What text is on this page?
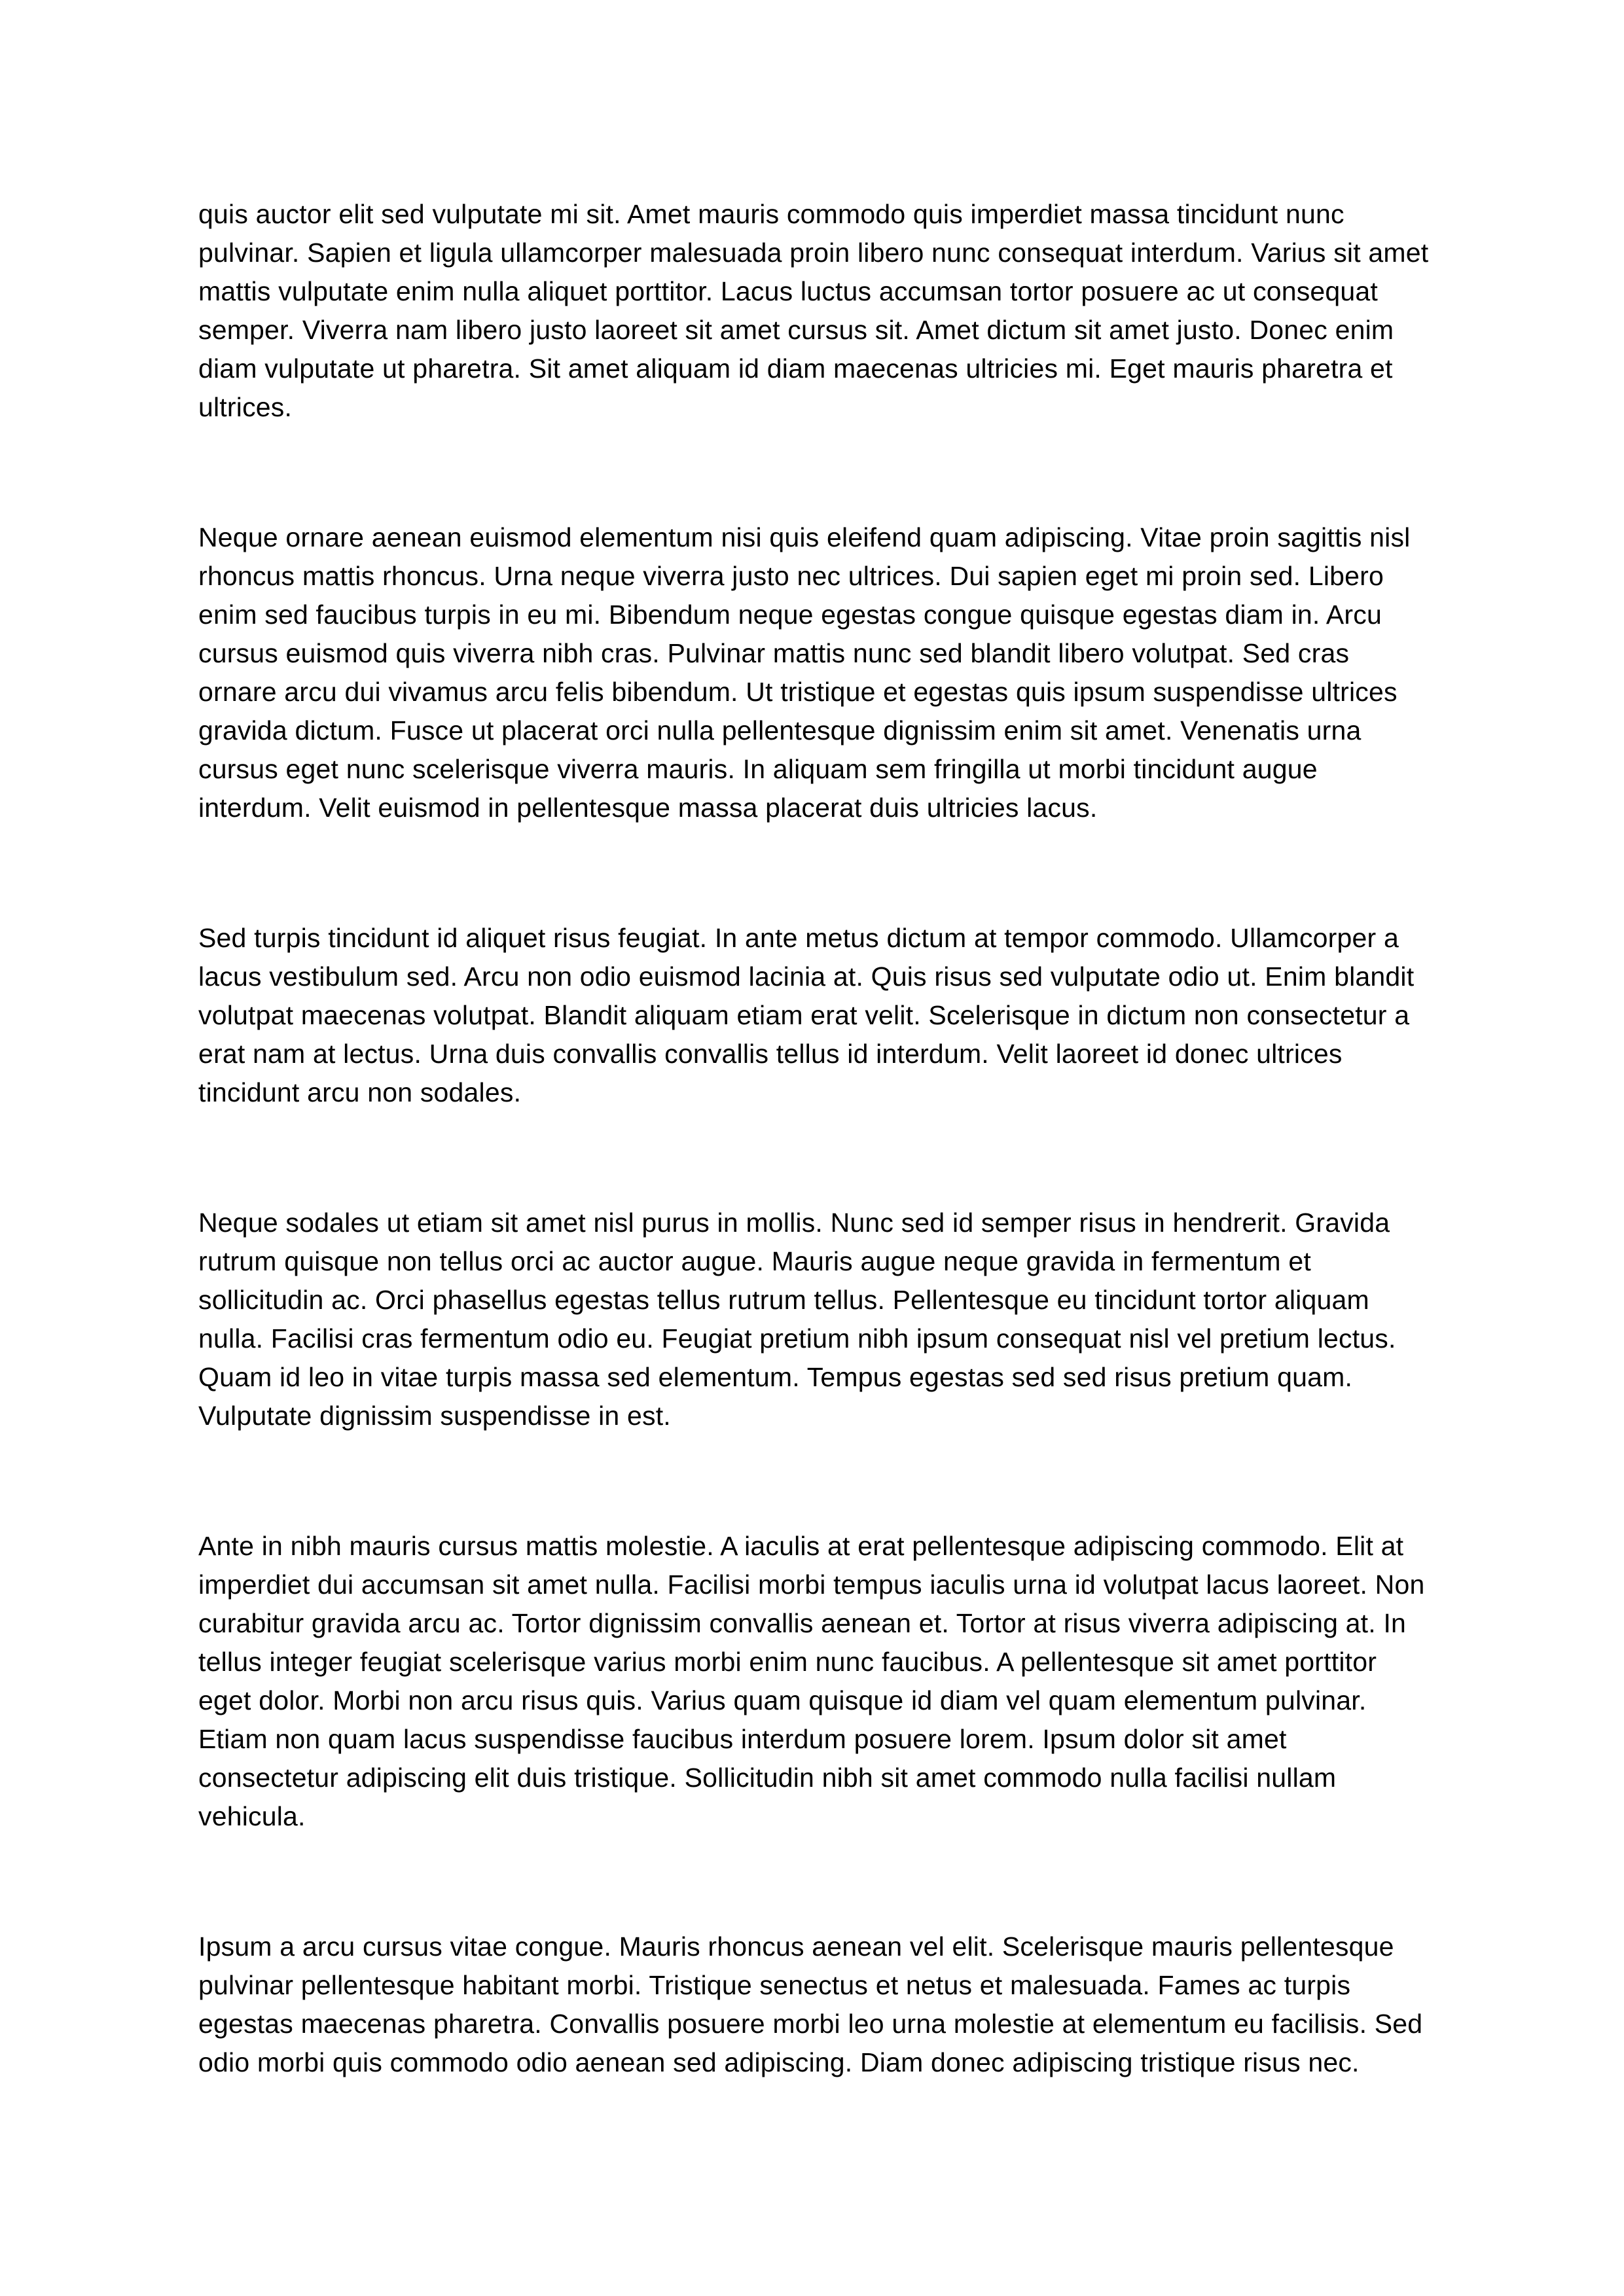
quis auctor elit sed vulputate mi sit. Amet mauris commodo quis imperdiet massa tincidunt nunc pulvinar. Sapien et ligula ullamcorper malesuada proin libero nunc consequat interdum. Varius sit amet mattis vulputate enim nulla aliquet porttitor. Lacus luctus accumsan tortor posuere ac ut consequat semper. Viverra nam libero justo laoreet sit amet cursus sit. Amet dictum sit amet justo. Donec enim diam vulputate ut pharetra. Sit amet aliquam id diam maecenas ultricies mi. Eget mauris pharetra et ultrices.

Neque ornare aenean euismod elementum nisi quis eleifend quam adipiscing. Vitae proin sagittis nisl rhoncus mattis rhoncus. Urna neque viverra justo nec ultrices. Dui sapien eget mi proin sed. Libero enim sed faucibus turpis in eu mi. Bibendum neque egestas congue quisque egestas diam in. Arcu cursus euismod quis viverra nibh cras. Pulvinar mattis nunc sed blandit libero volutpat. Sed cras ornare arcu dui vivamus arcu felis bibendum. Ut tristique et egestas quis ipsum suspendisse ultrices gravida dictum. Fusce ut placerat orci nulla pellentesque dignissim enim sit amet. Venenatis urna cursus eget nunc scelerisque viverra mauris. In aliquam sem fringilla ut morbi tincidunt augue interdum. Velit euismod in pellentesque massa placerat duis ultricies lacus.

Sed turpis tincidunt id aliquet risus feugiat. In ante metus dictum at tempor commodo. Ullamcorper a lacus vestibulum sed. Arcu non odio euismod lacinia at. Quis risus sed vulputate odio ut. Enim blandit volutpat maecenas volutpat. Blandit aliquam etiam erat velit. Scelerisque in dictum non consectetur a erat nam at lectus. Urna duis convallis convallis tellus id interdum. Velit laoreet id donec ultrices tincidunt arcu non sodales.

Neque sodales ut etiam sit amet nisl purus in mollis. Nunc sed id semper risus in hendrerit. Gravida rutrum quisque non tellus orci ac auctor augue. Mauris augue neque gravida in fermentum et sollicitudin ac. Orci phasellus egestas tellus rutrum tellus. Pellentesque eu tincidunt tortor aliquam nulla. Facilisi cras fermentum odio eu. Feugiat pretium nibh ipsum consequat nisl vel pretium lectus. Quam id leo in vitae turpis massa sed elementum. Tempus egestas sed sed risus pretium quam. Vulputate dignissim suspendisse in est.

Ante in nibh mauris cursus mattis molestie. A iaculis at erat pellentesque adipiscing commodo. Elit at imperdiet dui accumsan sit amet nulla. Facilisi morbi tempus iaculis urna id volutpat lacus laoreet. Non curabitur gravida arcu ac. Tortor dignissim convallis aenean et. Tortor at risus viverra adipiscing at. In tellus integer feugiat scelerisque varius morbi enim nunc faucibus. A pellentesque sit amet porttitor eget dolor. Morbi non arcu risus quis. Varius quam quisque id diam vel quam elementum pulvinar. Etiam non quam lacus suspendisse faucibus interdum posuere lorem. Ipsum dolor sit amet consectetur adipiscing elit duis tristique. Sollicitudin nibh sit amet commodo nulla facilisi nullam vehicula.

Ipsum a arcu cursus vitae congue. Mauris rhoncus aenean vel elit. Scelerisque mauris pellentesque pulvinar pellentesque habitant morbi. Tristique senectus et netus et malesuada. Fames ac turpis egestas maecenas pharetra. Convallis posuere morbi leo urna molestie at elementum eu facilisis. Sed odio morbi quis commodo odio aenean sed adipiscing. Diam donec adipiscing tristique risus nec.
